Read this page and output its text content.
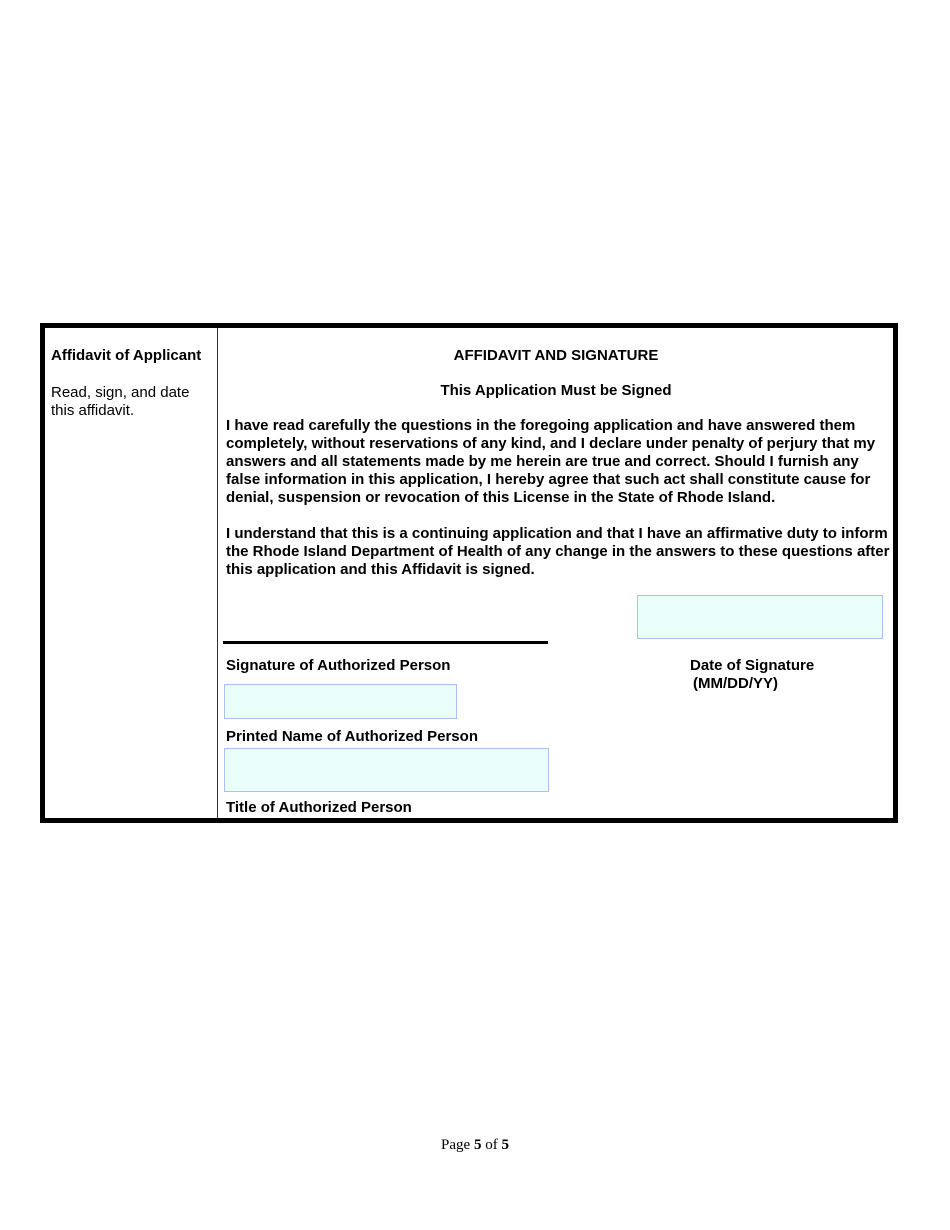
Affidavit of Applicant
Read, sign, and date this affidavit.
AFFIDAVIT AND SIGNATURE
This Application Must be Signed
I have read carefully the questions in the foregoing application and have answered them completely, without reservations of any kind, and I declare under penalty of perjury that my answers and all statements made by me herein are true and correct. Should I furnish any false information in this application, I hereby agree that such act shall constitute cause for denial, suspension or revocation of this License in the State of Rhode Island.
I understand that this is a continuing application and that I have an affirmative duty to inform the Rhode Island Department of Health of any change in the answers to these questions after this application and this Affidavit is signed.
Signature of Authorized Person	Date of Signature
(MM/DD/YY)
Printed Name of Authorized Person
Title of Authorized Person
Page 5 of 5
